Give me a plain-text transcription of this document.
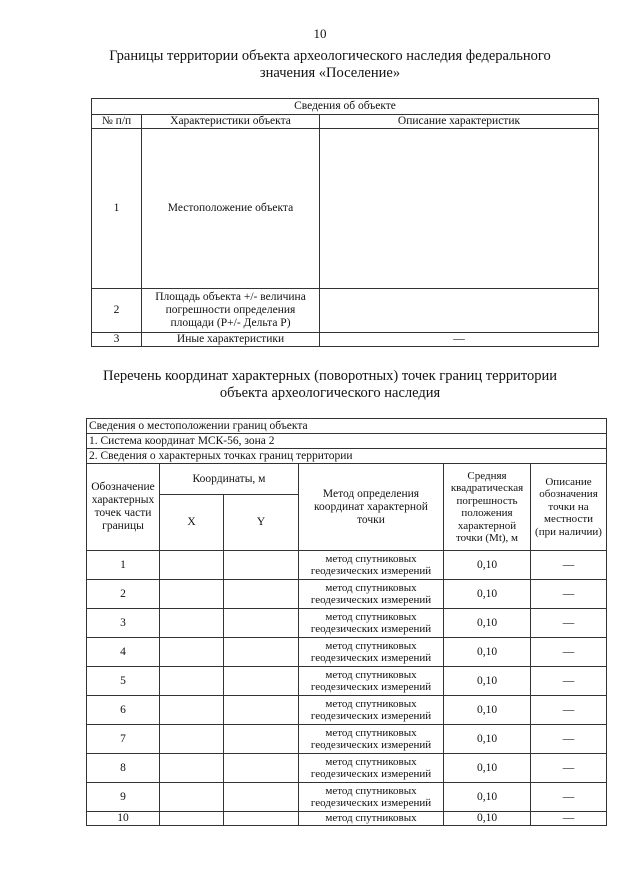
10
Границы территории объекта археологического наследия федерального значения «Поселение»
Сведения об объекте		
№ п/п	Характеристики объекта	Описание характеристик
1	Местоположение объекта	
2	Площадь объекта +/- величина погрешности определения площади (Р+/- Дельта Р)	
3	Иные характеристики	—
Перечень координат характерных (поворотных) точек границ территории объекта археологического наследия
Сведения о местоположении границ объекта					
1. Система координат МСК-56, зона 2					
2. Сведения о характерных точках границ территории					
Обозначение характерных точек части границы	Координаты, м		Метод определения координат характерной точки	Средняя квадратическая погрешность положения характерной точки (Мt), м	Описание обозначения точки на местности (при наличии)
	X	Y			
1			метод спутниковых геодезических измерений	0,10	—
2			метод спутниковых геодезических измерений	0,10	—
3			метод спутниковых геодезических измерений	0,10	—
4			метод спутниковых геодезических измерений	0,10	—
5			метод спутниковых геодезических измерений	0,10	—
6			метод спутниковых геодезических измерений	0,10	—
7			метод спутниковых геодезических измерений	0,10	—
8			метод спутниковых геодезических измерений	0,10	—
9			метод спутниковых геодезических измерений	0,10	—
10			метод спутниковых	0,10	—
